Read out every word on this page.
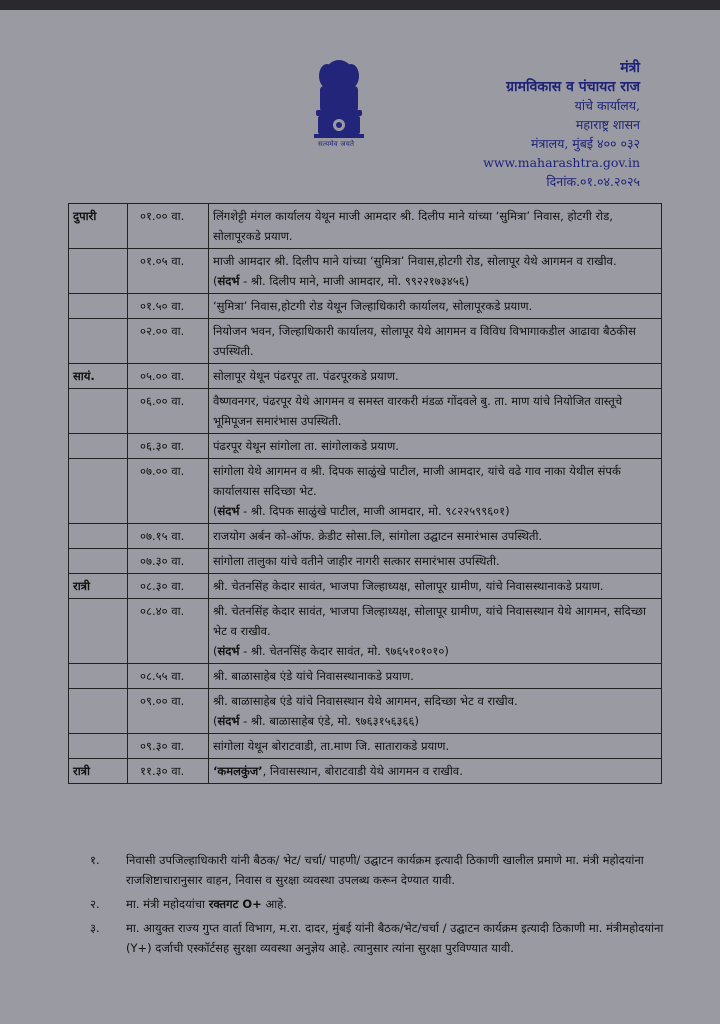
सत्यमेव जयते
मंत्री
ग्रामविकास व पंचायत राज
यांचे कार्यालय,
महाराष्ट्र शासन
मंत्रालय, मुंबई ४०० ०३२
www.maharashtra.gov.in
दिनांक.०१.०४.२०२५
दुपारी	०१.०० वा.	लिंगशेट्टी मंगल कार्यालय येथून माजी आमदार श्री. दिलीप माने यांच्या ‘सुमित्रा’ निवास, होटगी रोड, सोलापूरकडे प्रयाण.

	०१.०५ वा.	माजी आमदार श्री. दिलीप माने यांच्या ‘सुमित्रा’ निवास,होटगी रोड, सोलापूर येथे आगमन व राखीव.
(संदर्भ - श्री. दिलीप माने, माजी आमदार, मो. ९९२२१७३४५६)

	०१.५० वा.	‘सुमित्रा’ निवास,होटगी रोड येथून जिल्हाधिकारी कार्यालय, सोलापूरकडे प्रयाण.

	०२.०० वा.	नियोजन भवन, जिल्हाधिकारी कार्यालय, सोलापूर येथे आगमन व विविध विभागाकडील आढावा बैठकीस उपस्थिती.

सायं.	०५.०० वा.	सोलापूर येथून पंढरपूर ता. पंढरपूरकडे प्रयाण.

	०६.०० वा.	वैष्णवनगर, पंढरपूर येथे आगमन व समस्त वारकरी मंडळ गोंदवले बु. ता. माण यांचे नियोजित वास्तूचे भूमिपूजन समारंभास उपस्थिती.

	०६.३० वा.	पंढरपूर येथून सांगोला ता. सांगोलाकडे प्रयाण.

	०७.०० वा.	सांगोला येथे आगमन व श्री. दिपक साळुंखे पाटील, माजी आमदार, यांचे वढे गाव नाका येथील संपर्क कार्यालयास सदिच्छा भेट.
(संदर्भ - श्री. दिपक साळुंखे पाटील, माजी आमदार, मो. ९८२२५९९६०१)

	०७.१५ वा.	राजयोग अर्बन को-ऑफ. क्रेडीट सोसा.लि, सांगोला उद्घाटन समारंभास उपस्थिती.

	०७.३० वा.	सांगोला तालुका यांचे वतीने जाहीर नागरी सत्कार समारंभास उपस्थिती.

रात्री	०८.३० वा.	श्री. चेतनसिंह केदार सावंत, भाजपा जिल्हाध्यक्ष, सोलापूर ग्रामीण, यांचे निवासस्थानाकडे प्रयाण.

	०८.४० वा.	श्री. चेतनसिंह केदार सावंत, भाजपा जिल्हाध्यक्ष, सोलापूर ग्रामीण, यांचे निवासस्थान येथे आगमन, सदिच्छा भेट व राखीव.
(संदर्भ - श्री. चेतनसिंह केदार सावंत, मो. ९७६५१०१०१०)

	०८.५५ वा.	श्री. बाळासाहेब एंडे यांचे निवासस्थानाकडे प्रयाण.

	०९.०० वा.	श्री. बाळासाहेब एंडे यांचे निवासस्थान येथे आगमन, सदिच्छा भेट व राखीव.
(संदर्भ - श्री. बाळासाहेब एंडे, मो. ९७६३१५६३६६)

	०९.३० वा.	सांगोला येथून बोराटवाडी, ता.माण जि. साताराकडे प्रयाण.

रात्री	११.३० वा.	‘कमलकुंज’, निवासस्थान, बोराटवाडी येथे आगमन व राखीव.
१.	निवासी उपजिल्हाधिकारी यांनी बैठक/ भेट/ चर्चा/ पाहणी/ उद्घाटन कार्यक्रम इत्यादी ठिकाणी खालील प्रमाणे मा. मंत्री महोदयांना राजशिष्टाचारानुसार वाहन, निवास व सुरक्षा व्यवस्था उपलब्ध करून देण्यात यावी.
२.	मा. मंत्री महोदयांचा रक्तगट O+ आहे.
३.	मा. आयुक्त राज्य गुप्त वार्ता विभाग, म.रा. दादर, मुंबई यांनी बैठक/भेट/चर्चा / उद्घाटन कार्यक्रम इत्यादी ठिकाणी मा. मंत्रीमहोदयांना (Y+) दर्जाची एस्कॉर्टसह सुरक्षा व्यवस्था अनुज्ञेय आहे. त्यानुसार त्यांना सुरक्षा पुरविण्यात यावी.
